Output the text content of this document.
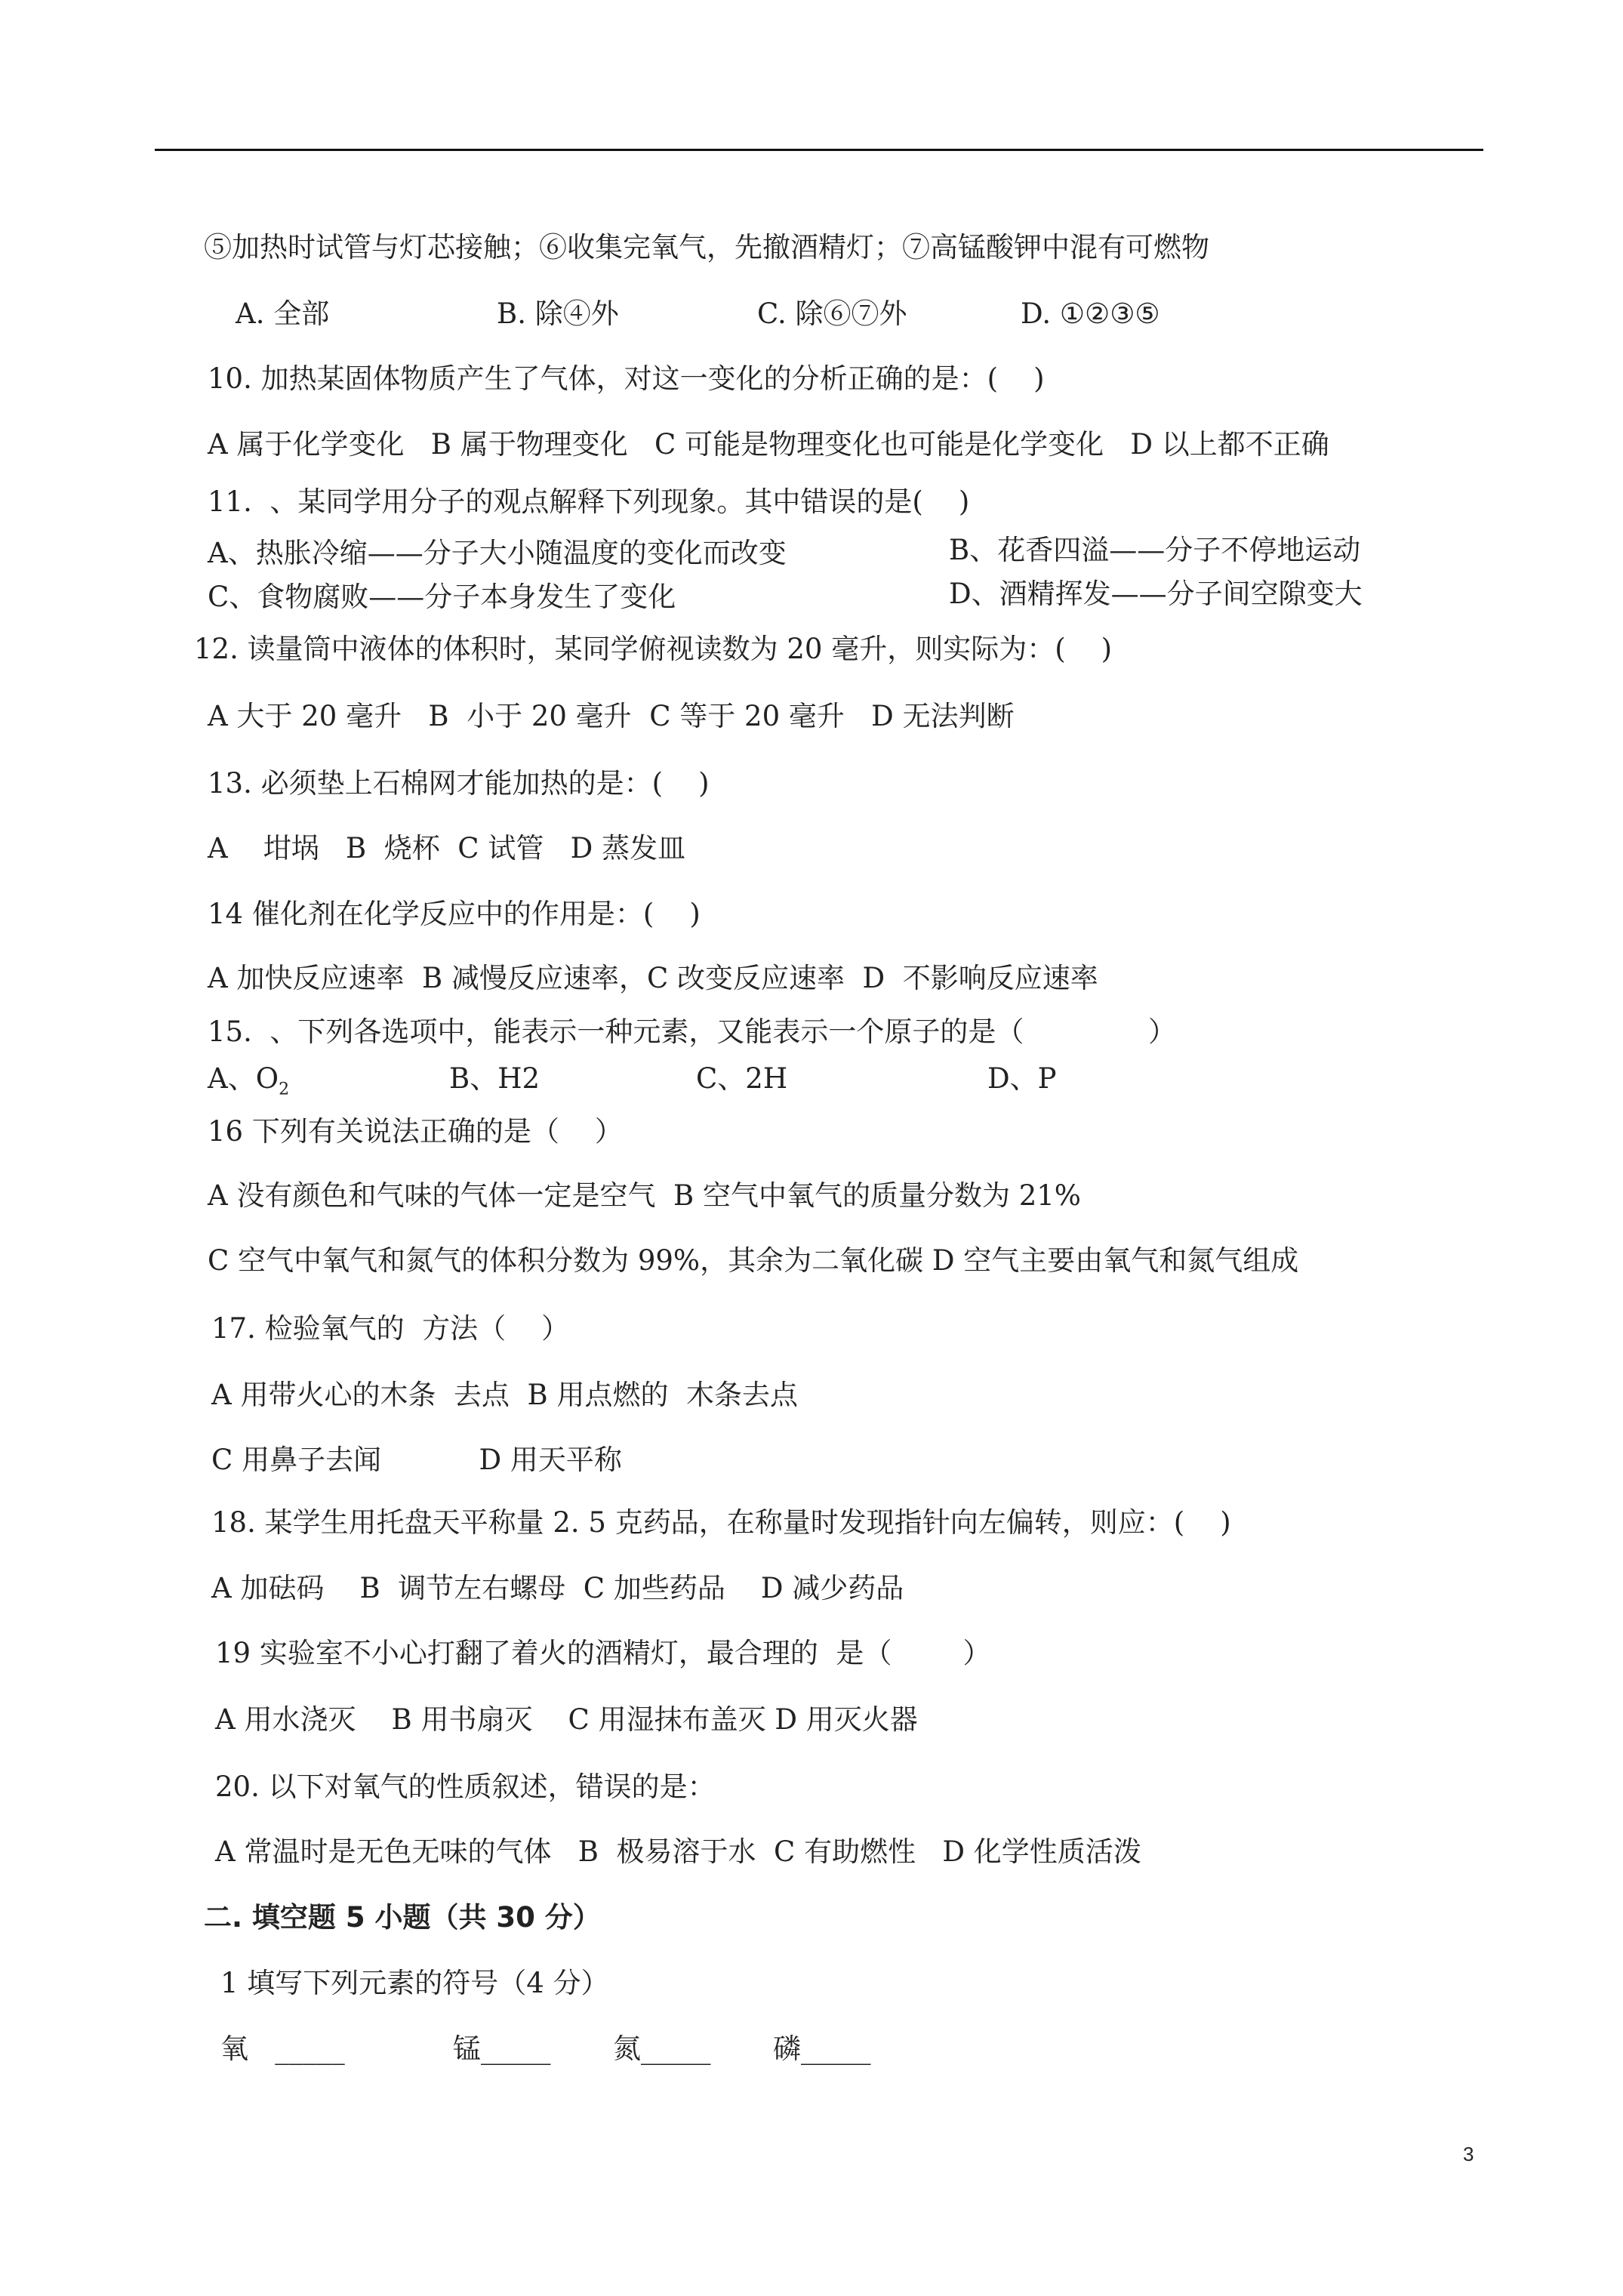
⑤加热时试管与灯芯接触；⑥收集完氧气，先撤酒精灯；⑦高锰酸钾中混有可燃物
A. 全部	B. 除④外	C. 除⑥⑦外	D. ①②③⑤
10. 加热某固体物质产生了气体，对这一变化的分析正确的是：(    )
A 属于化学变化   B 属于物理变化   C 可能是物理变化也可能是化学变化   D 以上都不正确
11.  、某同学用分子的观点解释下列现象。其中错误的是(    )
A、热胀冷缩——分子大小随温度的变化而改变	B、花香四溢——分子不停地运动
C、食物腐败——分子本身发生了变化	D、酒精挥发——分子间空隙变大
12. 读量筒中液体的体积时，某同学俯视读数为 20 毫升，则实际为：(    )
A 大于 20 毫升   B  小于 20 毫升  C 等于 20 毫升   D 无法判断
13. 必须垫上石棉网才能加热的是：(    )
A    坩埚   B  烧杯  C 试管   D 蒸发皿
14 催化剂在化学反应中的作用是：(    )
A 加快反应速率  B 减慢反应速率，C 改变反应速率  D  不影响反应速率
15.  、下列各选项中，能表示一种元素，又能表示一个原子的是（              ）
A、$O_2$	B、H2	C、2H	D、P
16 下列有关说法正确的是（    ）
A 没有颜色和气味的气体一定是空气  B 空气中氧气的质量分数为 21%
C 空气中氧气和氮气的体积分数为 99%，其余为二氧化碳 D 空气主要由氧气和氮气组成
17. 检验氧气的  方法（    ）
A 用带火心的木条  去点  B 用点燃的  木条去点
C 用鼻子去闻           D 用天平称
18. 某学生用托盘天平称量 2. 5 克药品，在称量时发现指针向左偏转，则应：(    )
A 加砝码    B  调节左右螺母  C 加些药品    D 减少药品
19 实验室不小心打翻了着火的酒精灯，最合理的  是（        ）
A 用水浇灭    B 用书扇灭    C 用湿抹布盖灭 D 用灭火器
20. 以下对氧气的性质叙述，错误的是：
A 常温时是无色无味的气体   B  极易溶于水  C 有助燃性   D 化学性质活泼
二. 填空题 5 小题（共 30 分）
1 填写下列元素的符号（4 分）
氧   _____	锰_____ 氮_____ 磷_____
3
